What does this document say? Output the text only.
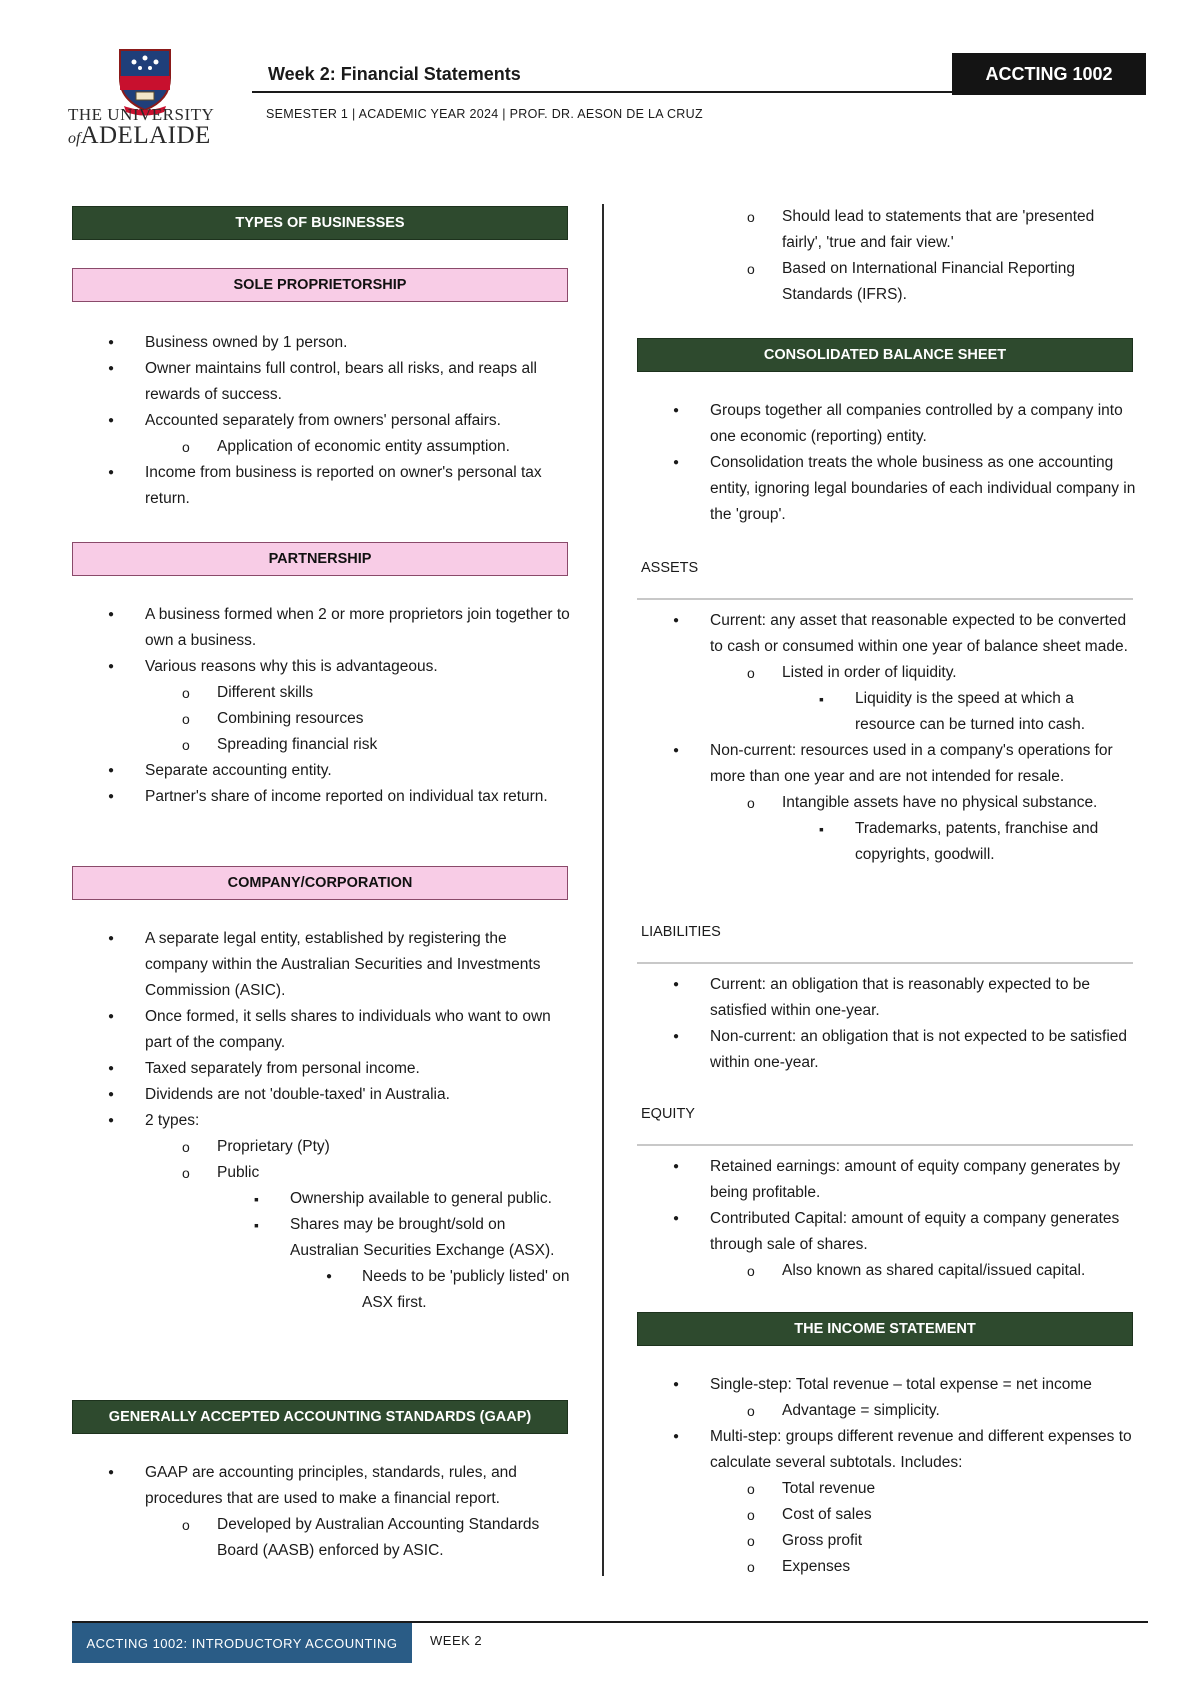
THE UNIVERSITY
ofADELAIDE
Week 2: Financial Statements	ACCTING 1002
SEMESTER 1 | ACADEMIC YEAR 2024 | PROF. DR. AESON DE LA CRUZ
TYPES OF BUSINESSES
SOLE PROPRIETORSHIP
● Business owned by 1 person.
● Owner maintains full control, bears all risks, and reaps all rewards of success.
● Accounted separately from owners' personal affairs.
o Application of economic entity assumption.
● Income from business is reported on owner's personal tax return.
PARTNERSHIP
● A business formed when 2 or more proprietors join together to own a business.
● Various reasons why this is advantageous.
o Different skills
o Combining resources
o Spreading financial risk
● Separate accounting entity.
● Partner's share of income reported on individual tax return.
COMPANY/CORPORATION
● A separate legal entity, established by registering the company within the Australian Securities and Investments Commission (ASIC).
● Once formed, it sells shares to individuals who want to own part of the company.
● Taxed separately from personal income.
● Dividends are not 'double-taxed' in Australia.
● 2 types:
o Proprietary (Pty)
o Public
▪ Ownership available to general public.
▪ Shares may be brought/sold on Australian Securities Exchange (ASX).
● Needs to be 'publicly listed' on ASX first.
GENERALLY ACCEPTED ACCOUNTING STANDARDS (GAAP)
● GAAP are accounting principles, standards, rules, and procedures that are used to make a financial report.
o Developed by Australian Accounting Standards Board (AASB) enforced by ASIC.
o Should lead to statements that are 'presented fairly', 'true and fair view.'
o Based on International Financial Reporting Standards (IFRS).
CONSOLIDATED BALANCE SHEET
● Groups together all companies controlled by a company into one economic (reporting) entity.
● Consolidation treats the whole business as one accounting entity, ignoring legal boundaries of each individual company in the 'group'.
ASSETS
● Current: any asset that reasonable expected to be converted to cash or consumed within one year of balance sheet made.
o Listed in order of liquidity.
▪ Liquidity is the speed at which a resource can be turned into cash.
● Non-current: resources used in a company's operations for more than one year and are not intended for resale.
o Intangible assets have no physical substance.
▪ Trademarks, patents, franchise and copyrights, goodwill.
LIABILITIES
● Current: an obligation that is reasonably expected to be satisfied within one-year.
● Non-current: an obligation that is not expected to be satisfied within one-year.
EQUITY
● Retained earnings: amount of equity company generates by being profitable.
● Contributed Capital: amount of equity a company generates through sale of shares.
o Also known as shared capital/issued capital.
THE INCOME STATEMENT
● Single-step: Total revenue – total expense = net income
o Advantage = simplicity.
● Multi-step: groups different revenue and different expenses to calculate several subtotals. Includes:
o Total revenue
o Cost of sales
o Gross profit
o Expenses
ACCTING 1002: INTRODUCTORY ACCOUNTING	WEEK 2
